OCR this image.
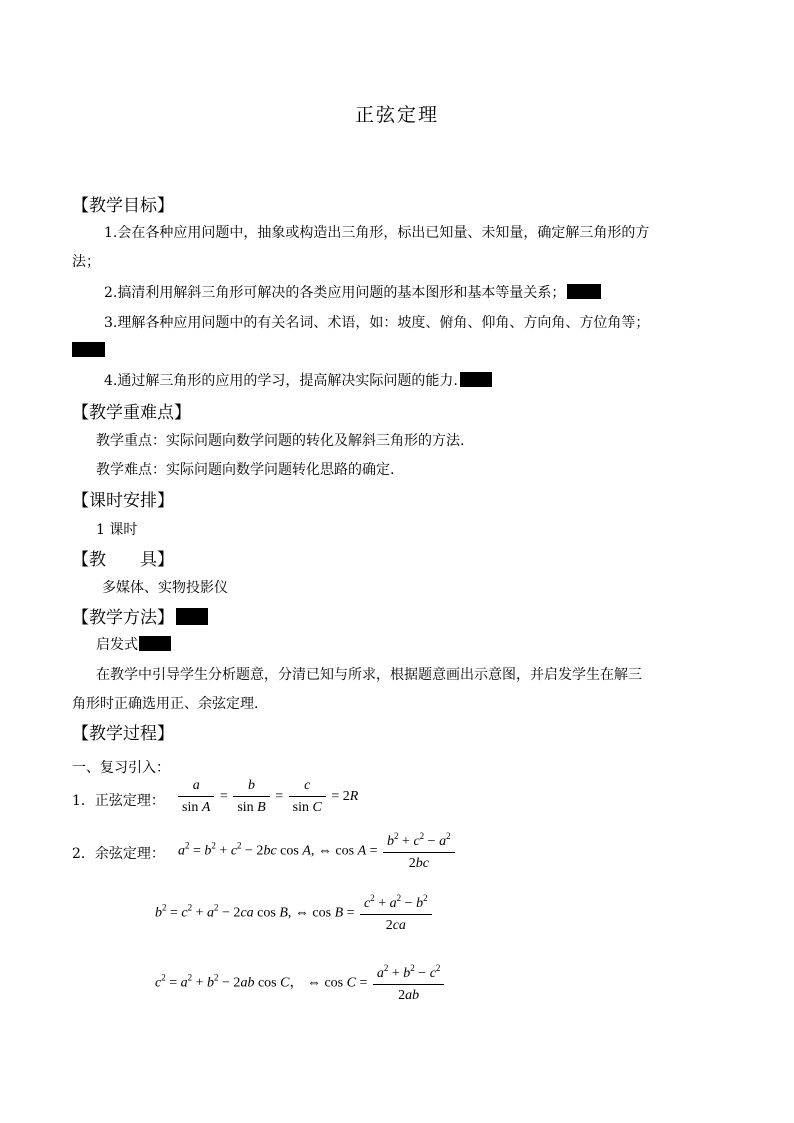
正弦定理
【教学目标】
1.会在各种应用问题中，抽象或构造出三角形，标出已知量、未知量，确定解三角形的方
法；
2.搞清利用解斜三角形可解决的各类应用问题的基本图形和基本等量关系；
3.理解各种应用问题中的有关名词、术语，如：坡度、俯角、仰角、方向角、方位角等；
4.通过解三角形的应用的学习，提高解决实际问题的能力.
【教学重难点】
教学重点：实际问题向数学问题的转化及解斜三角形的方法.
教学难点：实际问题向数学问题转化思路的确定.
【课时安排】
1 课时
【教　　具】
多媒体、实物投影仪
【教学方法】
启发式
在教学中引导学生分析题意，分清已知与所求，根据题意画出示意图，并启发学生在解三
角形时正确选用正、余弦定理.
【教学过程】
一、复习引入：
1．正弦定理： $\frac{a}{\text{sin A}} = \frac{b}{\text{sin B}} = \frac{c}{\text{sin C}} = 2R$
2．余弦定理： $a^2 = b^2 + c^2 - 2bc$ cos A, ⇔ $\cos A = \frac{b^2 + c^2 - a^2}{2bc}$
$b^2 = c^2 + a^2 - 2ca$ cos B, ⇔ $\cos B = \frac{c^2 + a^2 - b^2}{2ca}$
$c^2 = a^2 + b^2 - 2ab$ cos C， ⇔ $\cos C = \frac{a^2 + b^2 - c^2}{2ab}$
